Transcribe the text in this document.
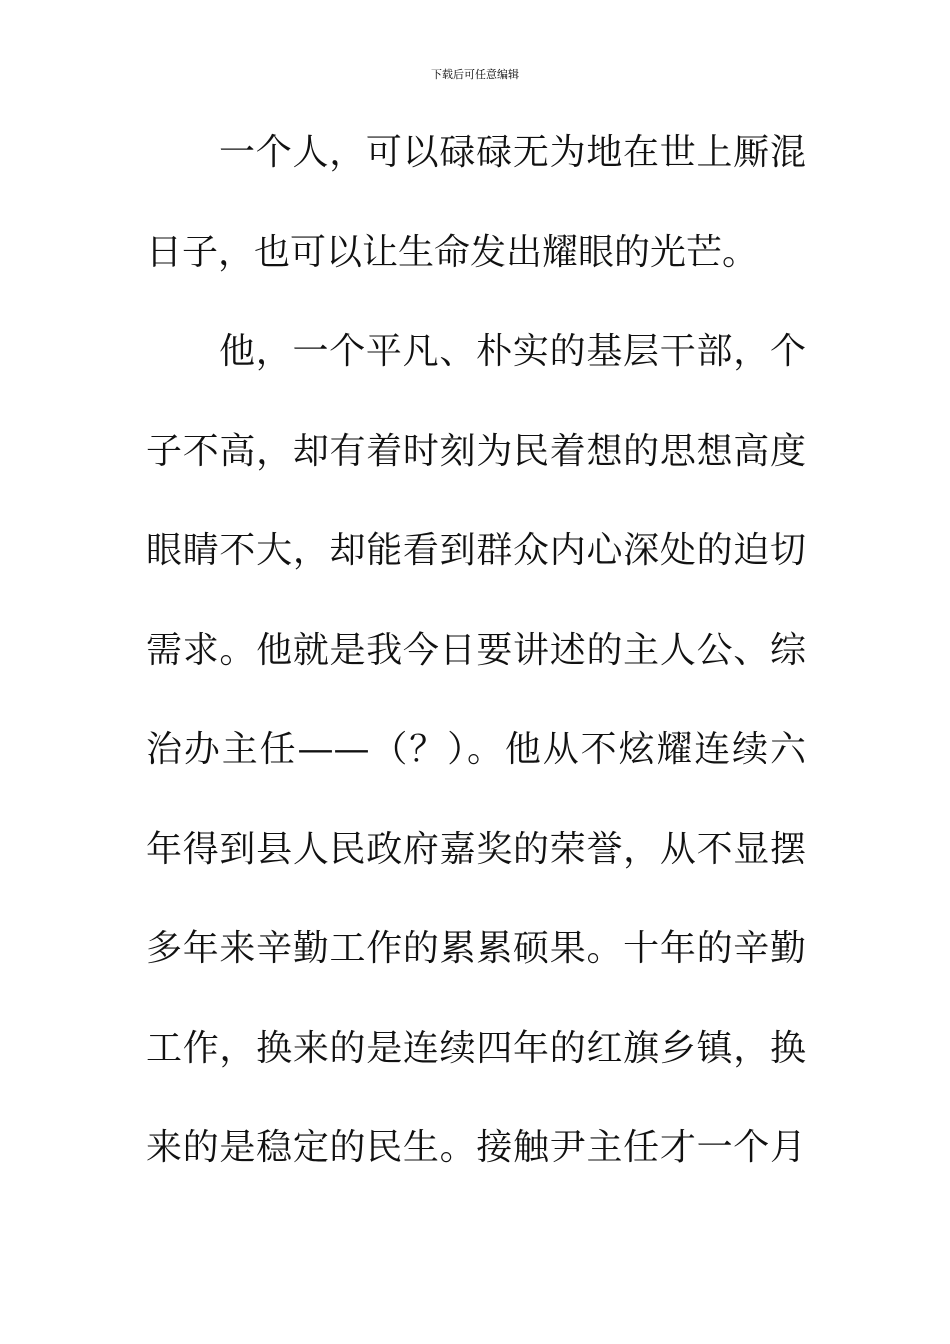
下载后可任意编辑
一个人，可以碌碌无为地在世上厮混
日子，也可以让生命发出耀眼的光芒。
他，一个平凡、朴实的基层干部，个
子不高，却有着时刻为民着想的思想高度
眼睛不大，却能看到群众内心深处的迫切
需求。他就是我今日要讲述的主人公、综
治办主任——（？）。他从不炫耀连续六
年得到县人民政府嘉奖的荣誉，从不显摆
多年来辛勤工作的累累硕果。十年的辛勤
工作，换来的是连续四年的红旗乡镇，换
来的是稳定的民生。接触尹主任才一个月
